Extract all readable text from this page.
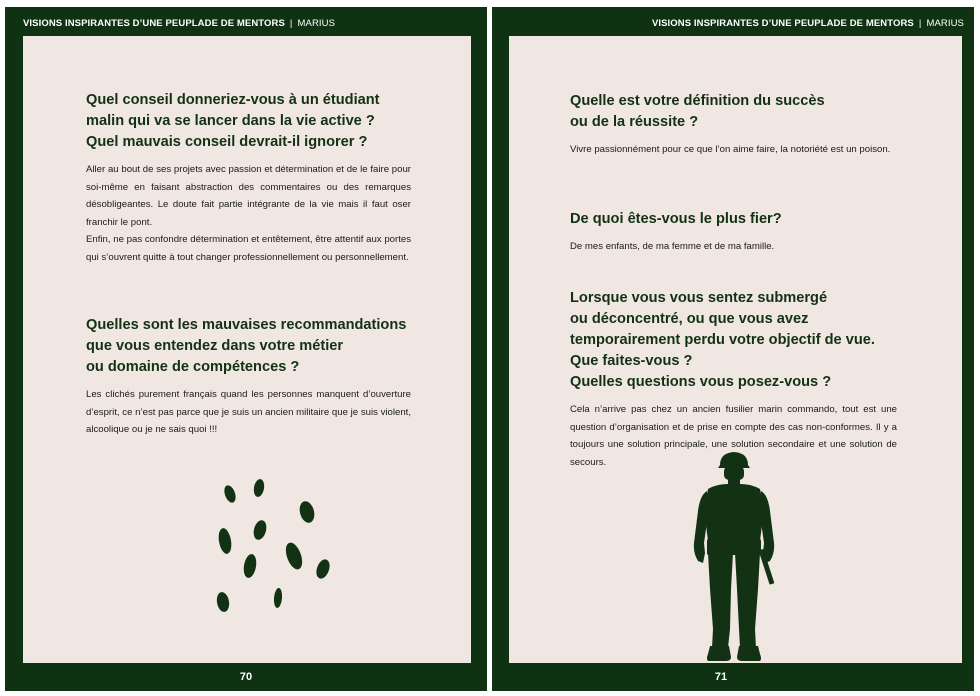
VISIONS INSPIRANTES D’UNE PEUPLADE DE MENTORS | MARIUS
Quel conseil donneriez-vous à un étudiant
malin qui va se lancer dans la vie active ?
Quel mauvais conseil devrait-il ignorer ?

Aller au bout de ses projets avec passion et détermination et de le faire pour soi-même en faisant abstraction des commentaires ou des remarques désobligeantes. Le doute fait partie intégrante de la vie mais il faut oser franchir le pont.

Enfin, ne pas confondre détermination et entêtement, être attentif aux portes qui s’ouvrent quitte à tout changer professionnellement ou personnellement.

Quelles sont les mauvaises recommandations
que vous entendez dans votre métier
ou domaine de compétences ?

Les clichés purement français quand les personnes manquent d’ouverture d’esprit, ce n’est pas parce que je suis un ancien militaire que je suis violent, alcoolique ou je ne sais quoi !!!

70
VISIONS INSPIRANTES D’UNE PEUPLADE DE MENTORS | MARIUS
Quelle est votre définition du succès
ou de la réussite ?

Vivre passionnément pour ce que l’on aime faire, la notoriété est un poison.

De quoi êtes-vous le plus fier?

De mes enfants, de ma femme et de ma famille.

Lorsque vous vous sentez submergé
ou déconcentré, ou que vous avez
temporairement perdu votre objectif de vue.
Que faites-vous ?
Quelles questions vous posez-vous ?

Cela n’arrive pas chez un ancien fusilier marin commando, tout est une question d’organisation et de prise en compte des cas non-conformes. Il y a toujours une solution principale, une solution secondaire et une solution de secours.

71
